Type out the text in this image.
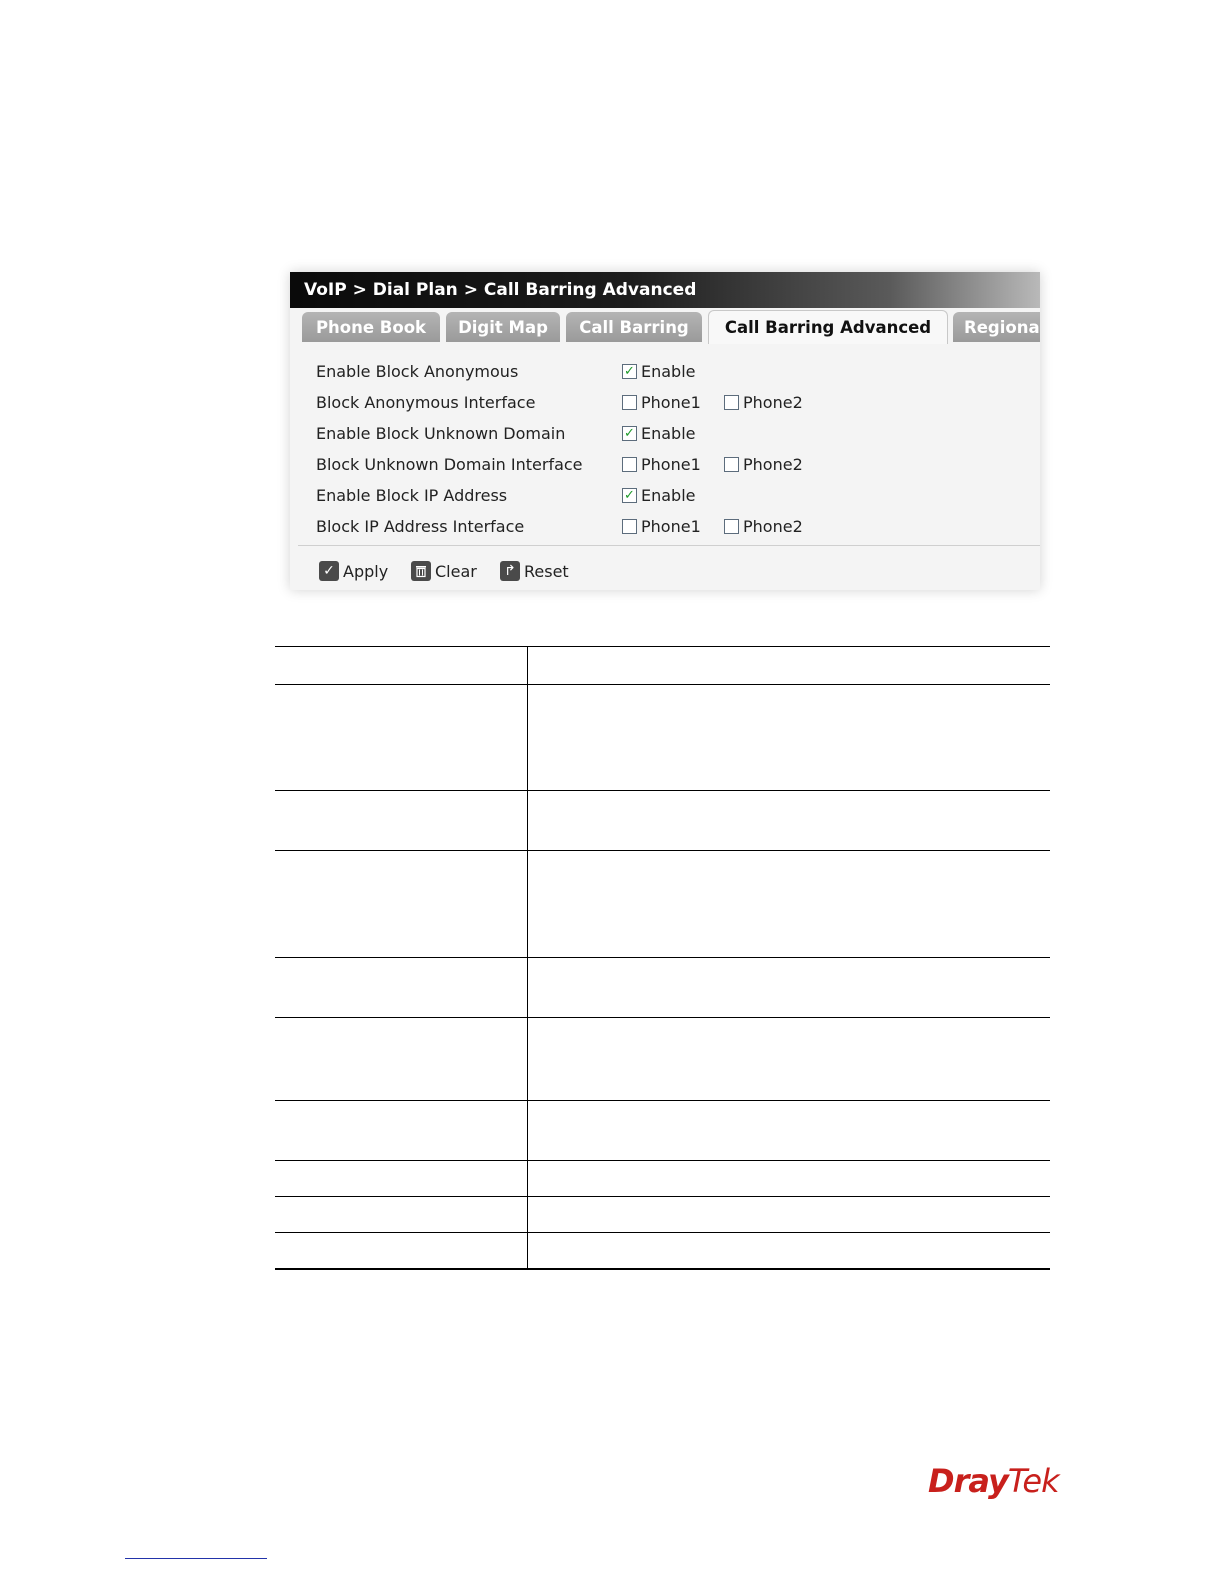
VoIP > Dial Plan > Call Barring Advanced
Phone Book	Digit Map	Call Barring	Call Barring Advanced	Regiona
Enable Block Anonymous	✓ Enable
Block Anonymous Interface	Phone1	Phone2
Enable Block Unknown Domain	✓ Enable
Block Unknown Domain Interface	Phone1	Phone2
Enable Block IP Address	✓ Enable
Block IP Address Interface	Phone1	Phone2
✓ Apply	Clear ↱ Reset
DrayTek
